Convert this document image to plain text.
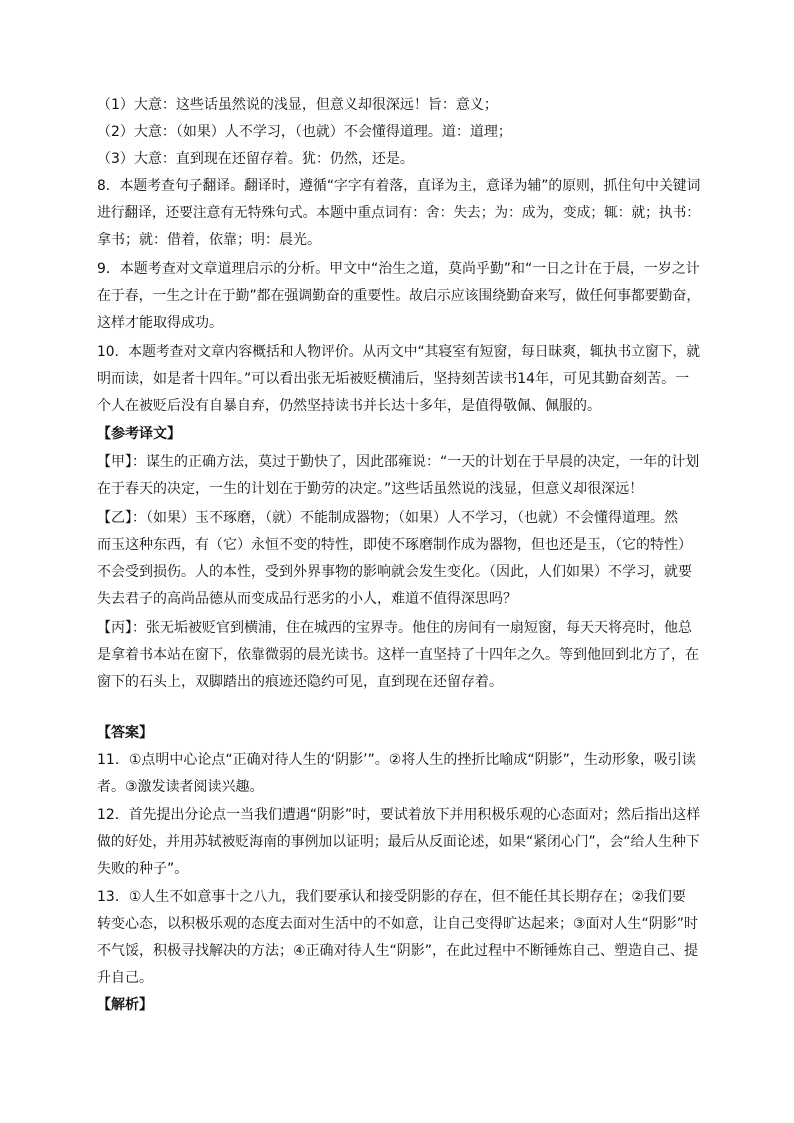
（1）大意：这些话虽然说的浅显，但意义却很深远！旨：意义；
（2）大意：（如果）人不学习，（也就）不会懂得道理。道：道理；
（3）大意：直到现在还留存着。犹：仍然，还是。
8．本题考查句子翻译。翻译时，遵循“字字有着落，直译为主，意译为辅”的原则，抓住句中关键词
进行翻译，还要注意有无特殊句式。本题中重点词有：舍：失去；为：成为，变成；辄：就；执书：
拿书；就：借着，依靠；明：晨光。
9．本题考查对文章道理启示的分析。甲文中“治生之道，莫尚乎勤”和“一日之计在于晨，一岁之计
在于春，一生之计在于勤”都在强调勤奋的重要性。故启示应该围绕勤奋来写，做任何事都要勤奋，
这样才能取得成功。
10．本题考查对文章内容概括和人物评价。从丙文中“其寝室有短窗，每日昧爽，辄执书立窗下，就
明而读，如是者十四年。”可以看出张无垢被贬横浦后，坚持刻苦读书14年，可见其勤奋刻苦。一
个人在被贬后没有自暴自弃，仍然坚持读书并长达十多年，是值得敬佩、佩服的。
【参考译文】
【甲】：谋生的正确方法，莫过于勤快了，因此邵雍说：“一天的计划在于早晨的决定，一年的计划
在于春天的决定，一生的计划在于勤劳的决定。”这些话虽然说的浅显，但意义却很深远！
【乙】：（如果）玉不琢磨，（就）不能制成器物；（如果）人不学习，（也就）不会懂得道理。然
而玉这种东西，有（它）永恒不变的特性，即使不琢磨制作成为器物，但也还是玉，（它的特性）
不会受到损伤。人的本性，受到外界事物的影响就会发生变化。（因此，人们如果）不学习，就要
失去君子的高尚品德从而变成品行恶劣的小人，难道不值得深思吗？
【丙】：张无垢被贬官到横浦，住在城西的宝界寺。他住的房间有一扇短窗，每天天将亮时，他总
是拿着书本站在窗下，依靠微弱的晨光读书。这样一直坚持了十四年之久。等到他回到北方了，在
窗下的石头上，双脚踏出的痕迹还隐约可见，直到现在还留存着。
【答案】
11．①点明中心论点“正确对待人生的‘阴影’”。②将人生的挫折比喻成“阴影”，生动形象，吸引读
者。③激发读者阅读兴趣。
12．首先提出分论点一当我们遭遇“阴影”时，要试着放下并用积极乐观的心态面对；然后指出这样
做的好处，并用苏轼被贬海南的事例加以证明；最后从反面论述，如果“紧闭心门”，会“给人生种下
失败的种子”。
13．①人生不如意事十之八九，我们要承认和接受阴影的存在，但不能任其长期存在；②我们要
转变心态，以积极乐观的态度去面对生活中的不如意，让自己变得旷达起来；③面对人生“阴影”时
不气馁，积极寻找解决的方法；④正确对待人生“阴影”，在此过程中不断锤炼自己、塑造自己、提
升自己。
【解析】
